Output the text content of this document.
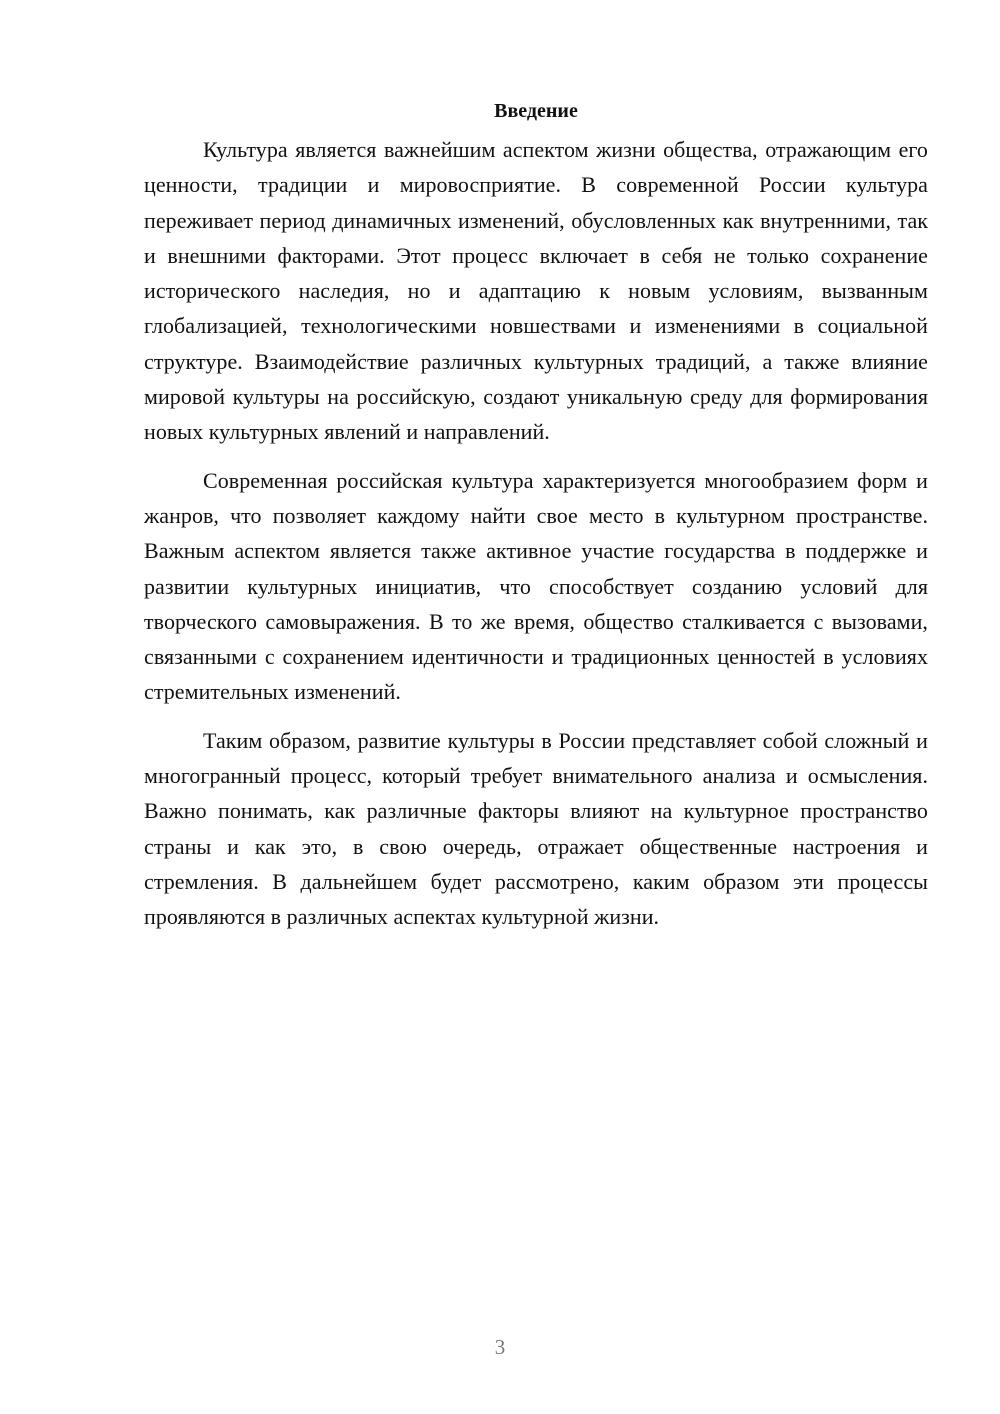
Введение

Культура является важнейшим аспектом жизни общества, отражающим его ценности, традиции и мировосприятие. В современной России культура переживает период динамичных изменений, обусловленных как внутренними, так и внешними факторами. Этот процесс включает в себя не только сохранение исторического наследия, но и адаптацию к новым условиям, вызванным глобализацией, технологическими новшествами и изменениями в социальной структуре. Взаимодействие различных культурных традиций, а также влияние мировой культуры на российскую, создают уникальную среду для формирования новых культурных явлений и направлений.

Современная российская культура характеризуется многообразием форм и жанров, что позволяет каждому найти свое место в культурном пространстве. Важным аспектом является также активное участие государства в поддержке и развитии культурных инициатив, что способствует созданию условий для творческого самовыражения. В то же время, общество сталкивается с вызовами, связанными с сохранением идентичности и традиционных ценностей в условиях стремительных изменений.

Таким образом, развитие культуры в России представляет собой сложный и многогранный процесс, который требует внимательного анализа и осмысления. Важно понимать, как различные факторы влияют на культурное пространство страны и как это, в свою очередь, отражает общественные настроения и стремления. В дальнейшем будет рассмотрено, каким образом эти процессы проявляются в различных аспектах культурной жизни.

3
